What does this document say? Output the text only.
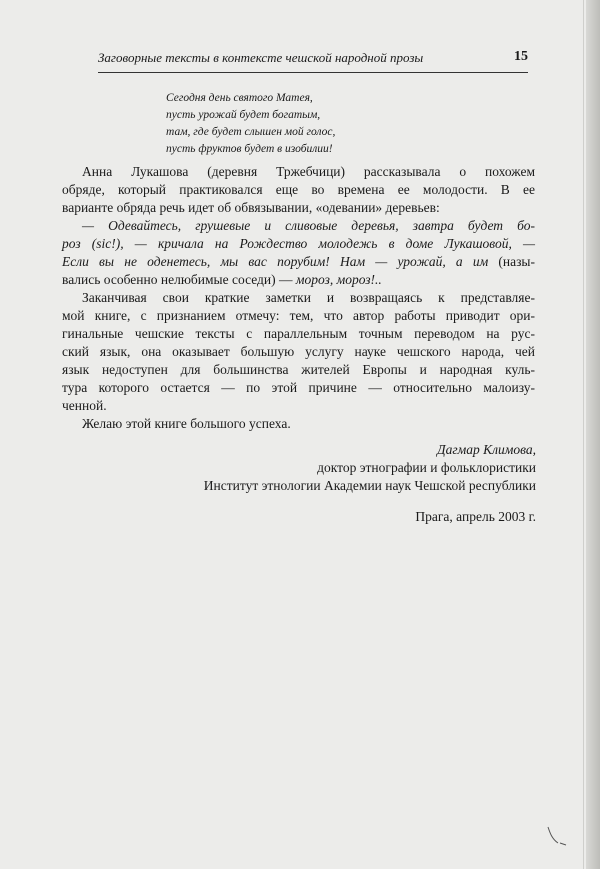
Заговорные тексты в контексте чешской народной прозы	15
Сегодня день святого Матея,
пусть урожай будет богатым,
там, где будет слышен мой голос,
пусть фруктов будет в изобилии!
Анна Лукашова (деревня Тржебчици) рассказывала о похожем
обряде, который практиковался еще во времена ее молодости. В ее
варианте обряда речь идет об обвязывании, «одевании» деревьев:
— Одевайтесь, грушевые и сливовые деревья, завтра будет бо-
роз (sic!), — кричала на Рождество молодежь в доме Лукашовой, —
Если вы не оденетесь, мы вас порубим! Нам — урожай, а им (назы-
вались особенно нелюбимые соседи) — мороз, мороз!..
Заканчивая свои краткие заметки и возвращаясь к представляе-
мой книге, с признанием отмечу: тем, что автор работы приводит ори-
гинальные чешские тексты с параллельным точным переводом на рус-
ский язык, она оказывает большую услугу науке чешского народа, чей
язык недоступен для большинства жителей Европы и народная куль-
тура которого остается — по этой причине — относительно малоизу-
ченной.
Желаю этой книге большого успеха.
Дагмар Климова,
доктор этнографии и фольклористики
Институт этнологии Академии наук Чешской республики
Прага, апрель 2003 г.
